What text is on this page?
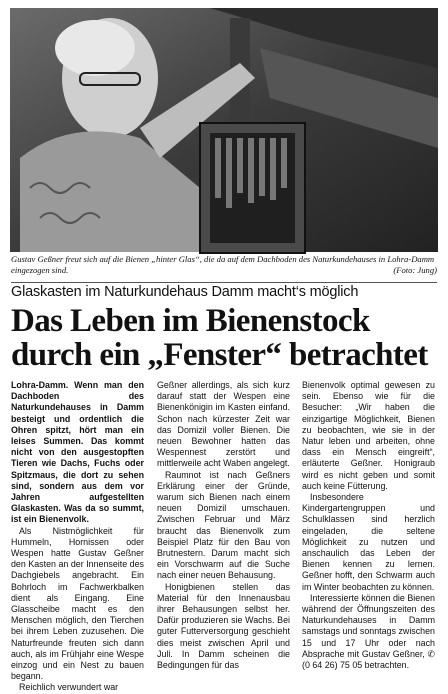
Gustav Geßner freut sich auf die Bienen „hinter Glas“, die da auf dem Dachboden des Naturkundehauses in Lohra-Damm eingezogen sind.	(Foto: Jung)
Glaskasten im Naturkundehaus Damm macht‘s möglich
Das Leben im Bienenstock
durch ein „Fenster“ betrachtet

Lohra-Damm. Wenn man den Dachboden des Naturkundehauses in Damm besteigt und ordentlich die Ohren spitzt, hört man ein leises Summen. Das kommt nicht von den ausgestopften Tieren wie Dachs, Fuchs oder Spitzmaus, die dort zu sehen sind, sondern aus dem vor Jahren aufgestellten Glaskasten. Was da so summt, ist ein Bienenvolk.

Als Nistmöglichkeit für Hummeln, Hornissen oder Wespen hatte Gustav Geßner den Kasten an der Innenseite des Dachgiebels angebracht. Ein Bohrloch im Fachwerkbalken dient als Eingang. Eine Glasscheibe macht es den Menschen möglich, den Tierchen bei ihrem Leben zuzusehen. Die Naturfreunde freuten sich dann auch, als im Frühjahr eine Wespe einzog und ein Nest zu bauen begann.

Reichlich verwundert war

Geßner allerdings, als sich kurz darauf statt der Wespen eine Bienenkönigin im Kasten einfand. Schon nach kürzester Zeit war das Domizil voller Bienen. Die neuen Bewohner hatten das Wespennest zerstört und mittlerweile acht Waben angelegt.

Raumnot ist nach Geßners Erklärung einer der Gründe, warum sich Bienen nach einem neuen Domizil umschauen. Zwischen Februar und März braucht das Bienenvolk zum Beispiel Platz für den Bau von Brutnestern. Darum macht sich ein Vorschwarm auf die Suche nach einer neuen Behausung.

Honigbienen stellen das Material für den Innenausbau ihrer Behausungen selbst her. Dafür produzieren sie Wachs. Bei guter Futterversorgung geschieht dies meist zwischen April und Juli. In Damm scheinen die Bedingungen für das

Bienenvolk optimal gewesen zu sein. Ebenso wie für die Besucher: „Wir haben die einzigartige Möglichkeit, Bienen zu beobachten, wie sie in der Natur leben und arbeiten, ohne dass ein Mensch eingreift“, erläuterte Geßner. Honigraub wird es nicht geben und somit auch keine Fütterung.

Insbesondere Kindergartengruppen und Schulklassen sind herzlich eingeladen, die seltene Möglichkeit zu nutzen und anschaulich das Leben der Bienen kennen zu lernen. Geßner hofft, den Schwarm auch im Winter beobachten zu können.

Interessierte können die Bienen während der Öffnungszeiten des Naturkundehauses in Damm samstags und sonntags zwischen 15 und 17 Uhr oder nach Absprache mit Gustav Geßner, ✆ (0 64 26) 75 05 betrachten.
